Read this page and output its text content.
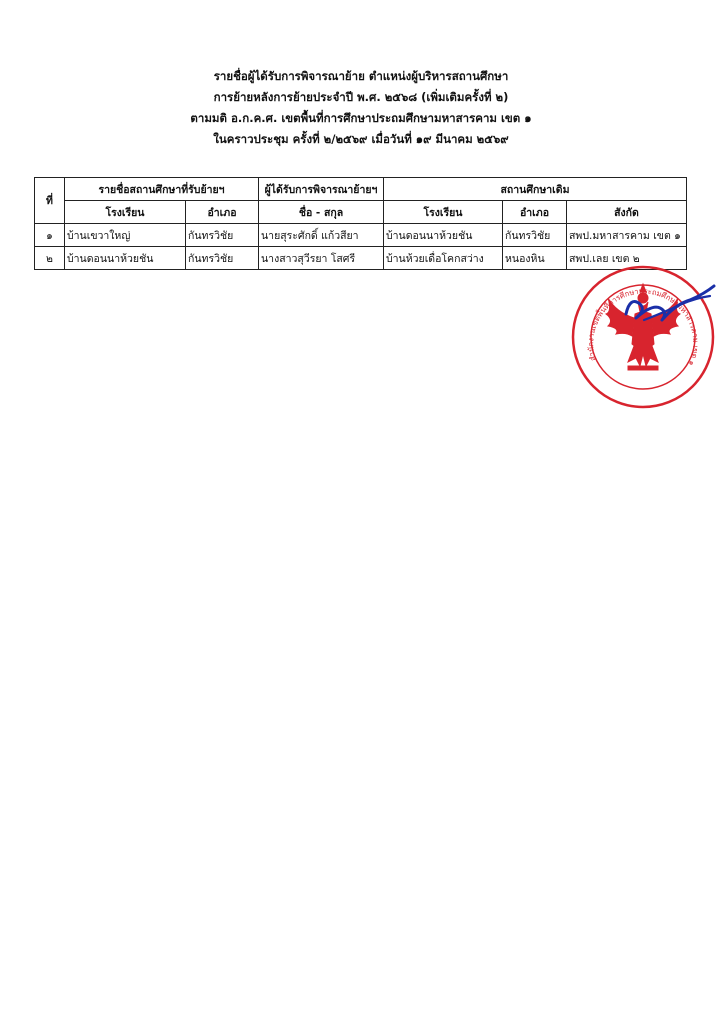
รายชื่อผู้ได้รับการพิจารณาย้าย ตำแหน่งผู้บริหารสถานศึกษา
การย้ายหลังการย้ายประจำปี พ.ศ. ๒๕๖๘ (เพิ่มเติมครั้งที่ ๒)
ตามมติ อ.ก.ค.ศ. เขตพื้นที่การศึกษาประถมศึกษามหาสารคาม เขต ๑
ในคราวประชุม ครั้งที่ ๒/๒๕๖๙ เมื่อวันที่ ๑๙ มีนาคม ๒๕๖๙
ที่	รายชื่อสถานศึกษาที่รับย้ายฯ		ผู้ได้รับการพิจารณาย้ายฯ	สถานศึกษาเดิม		
	โรงเรียน	อำเภอ	ชื่อ - สกุล	โรงเรียน	อำเภอ	สังกัด
๑	บ้านเขวาใหญ่	กันทรวิชัย	นายสุระศักดิ์ แก้วสียา	บ้านดอนนาห้วยชัน	กันทรวิชัย	สพป.มหาสารคาม เขต ๑
๒	บ้านดอนนาห้วยชัน	กันทรวิชัย	นางสาวสุวีรยา โสศรี	บ้านห้วยเดื่อโคกสว่าง	หนองหิน	สพป.เลย เขต ๒
สำนักงานเขตพื้นที่การศึกษาประถมศึกษามหาสารคาม เขต ๑
